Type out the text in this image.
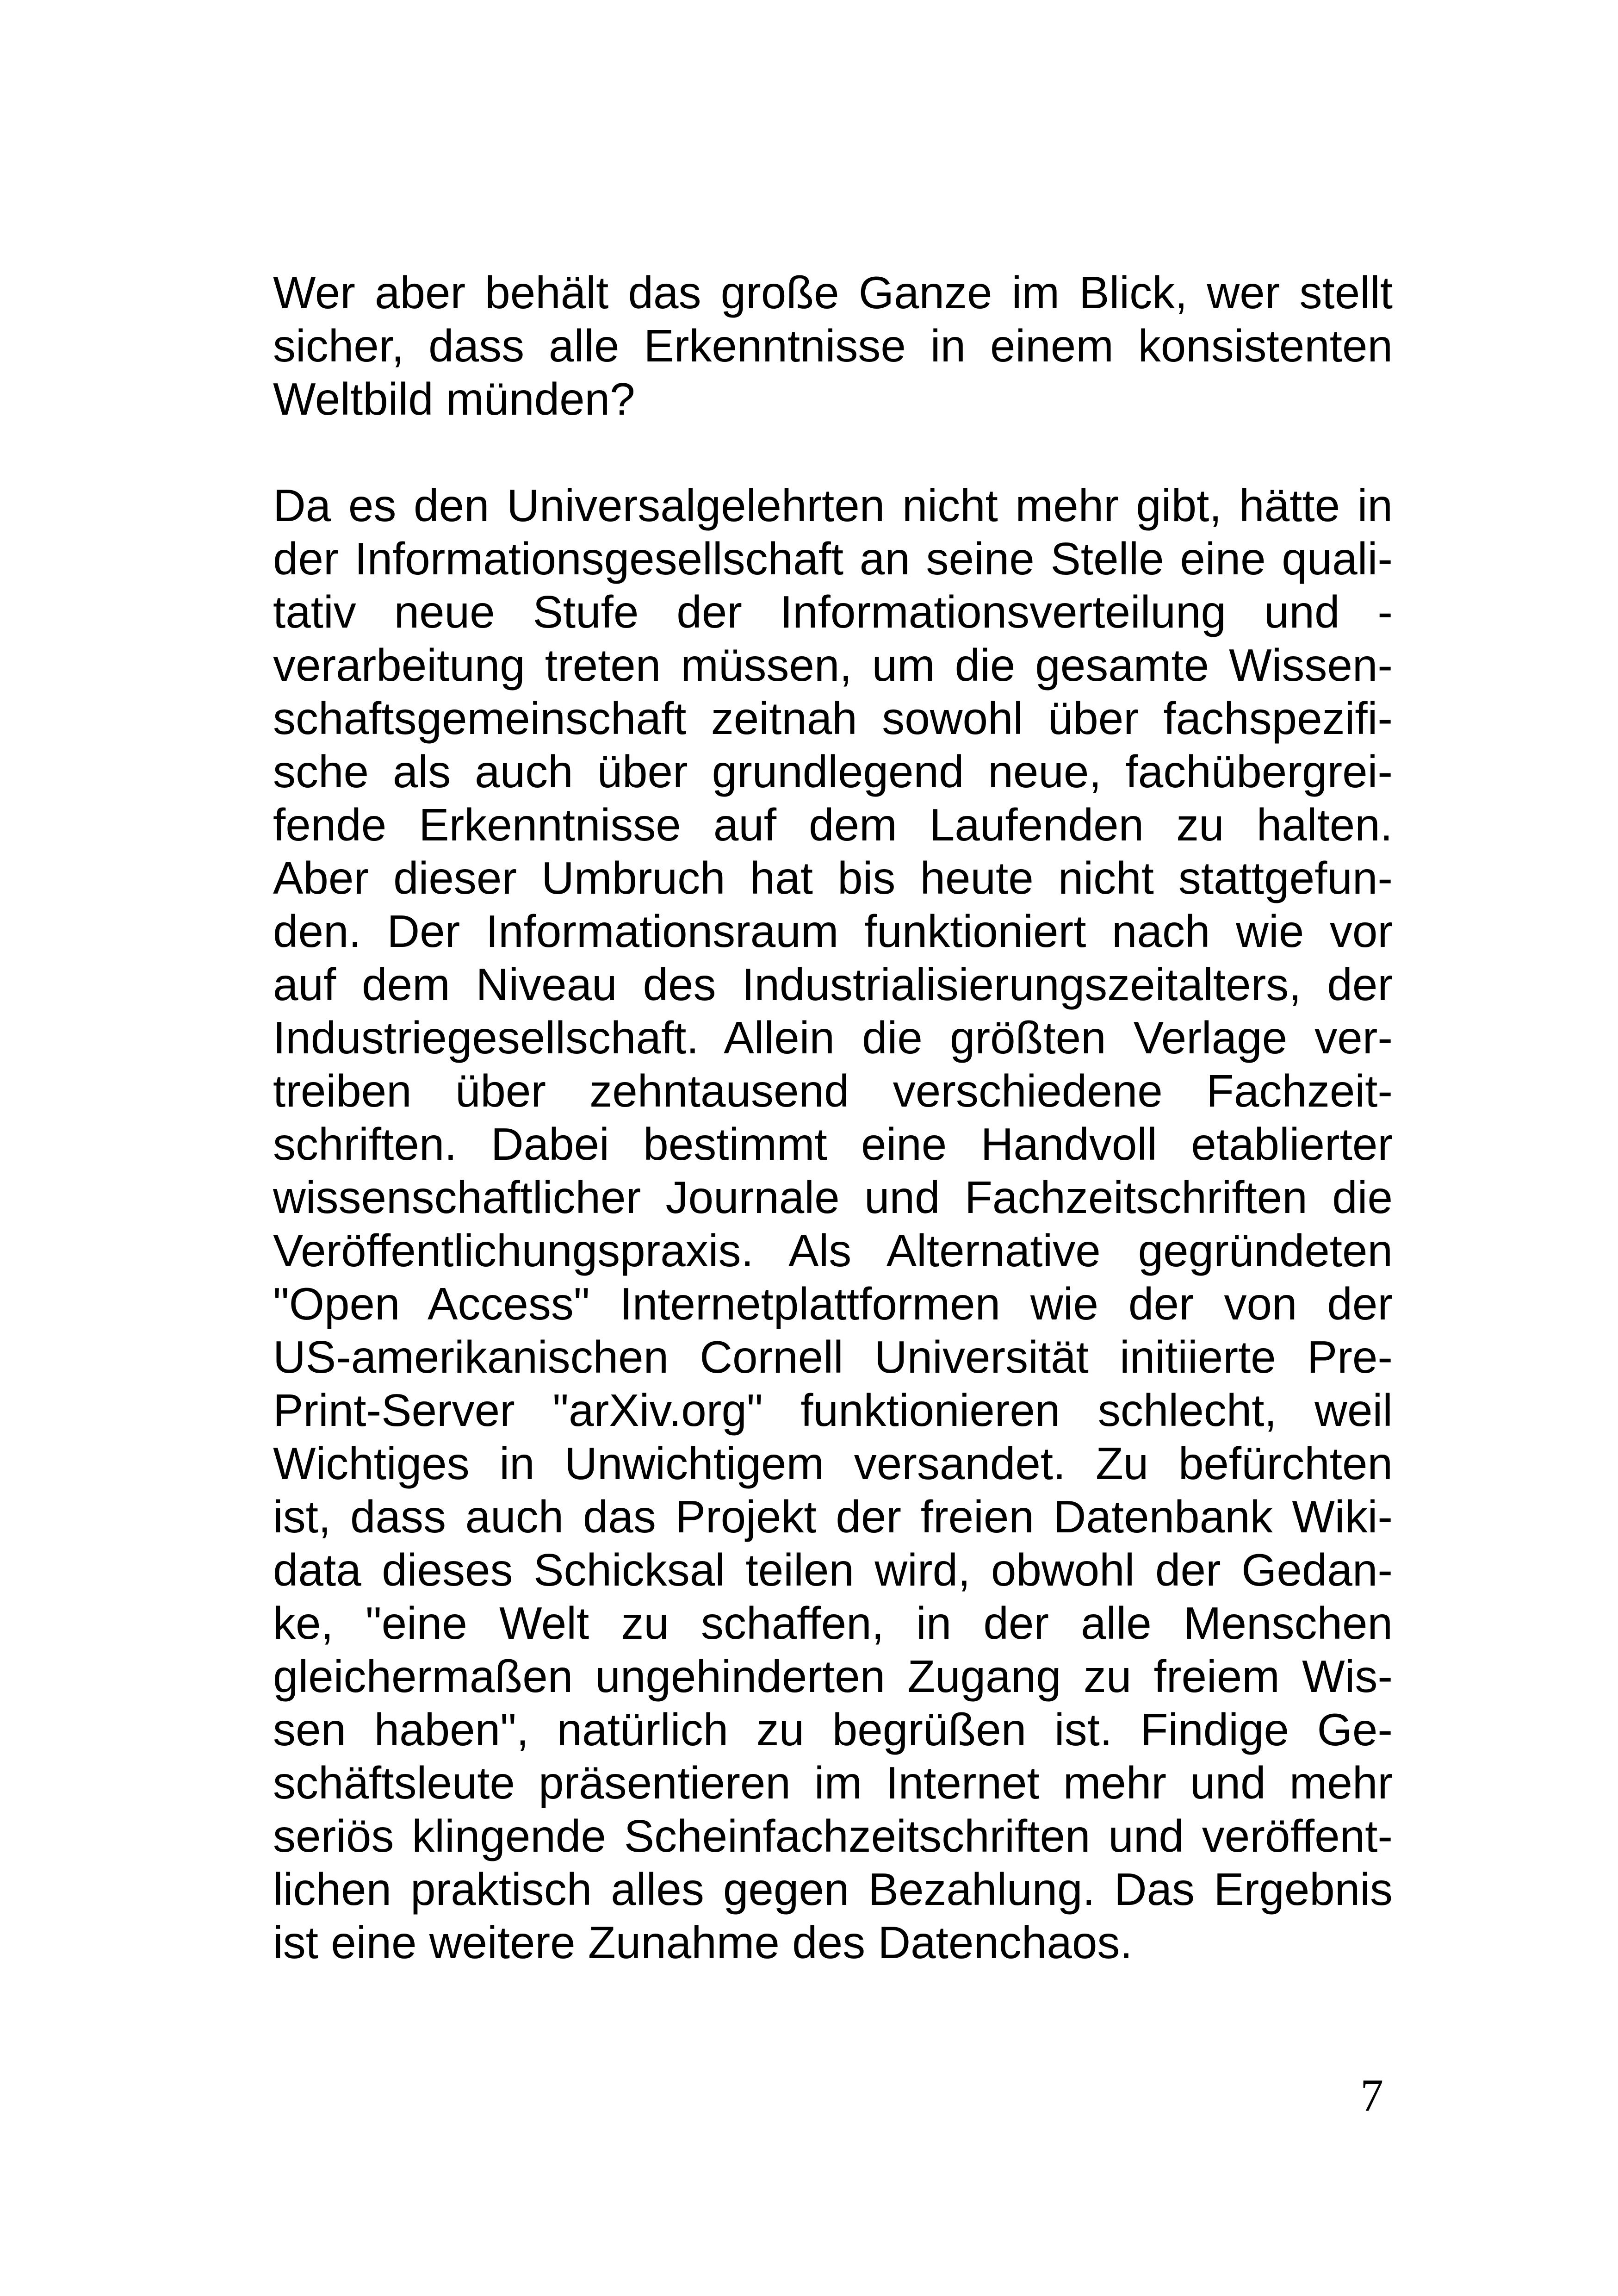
Wer aber behält das große Ganze im Blick, wer stellt
sicher, dass alle Erkenntnisse in einem konsistenten
Weltbild münden?

Da es den Universalgelehrten nicht mehr gibt, hätte in
der Informationsgesellschaft an seine Stelle eine quali-
tativ neue Stufe der Informationsverteilung und -
verarbeitung treten müssen, um die gesamte Wissen-
schaftsgemeinschaft zeitnah sowohl über fachspezifi-
sche als auch über grundlegend neue, fachübergrei-
fende Erkenntnisse auf dem Laufenden zu halten.
Aber dieser Umbruch hat bis heute nicht stattgefun-
den. Der Informationsraum funktioniert nach wie vor
auf dem Niveau des Industrialisierungszeitalters, der
Industriegesellschaft. Allein die größten Verlage ver-
treiben über zehntausend verschiedene Fachzeit-
schriften. Dabei bestimmt eine Handvoll etablierter
wissenschaftlicher Journale und Fachzeitschriften die
Veröffentlichungspraxis. Als Alternative gegründeten
"Open Access" Internetplattformen wie der von der
US-amerikanischen Cornell Universität initiierte Pre-
Print-Server "arXiv.org" funktionieren schlecht, weil
Wichtiges in Unwichtigem versandet. Zu befürchten
ist, dass auch das Projekt der freien Datenbank Wiki-
data dieses Schicksal teilen wird, obwohl der Gedan-
ke, "eine Welt zu schaffen, in der alle Menschen
gleichermaßen ungehinderten Zugang zu freiem Wis-
sen haben", natürlich zu begrüßen ist. Findige Ge-
schäftsleute präsentieren im Internet mehr und mehr
seriös klingende Scheinfachzeitschriften und veröffent-
lichen praktisch alles gegen Bezahlung. Das Ergebnis
ist eine weitere Zunahme des Datenchaos.

7
